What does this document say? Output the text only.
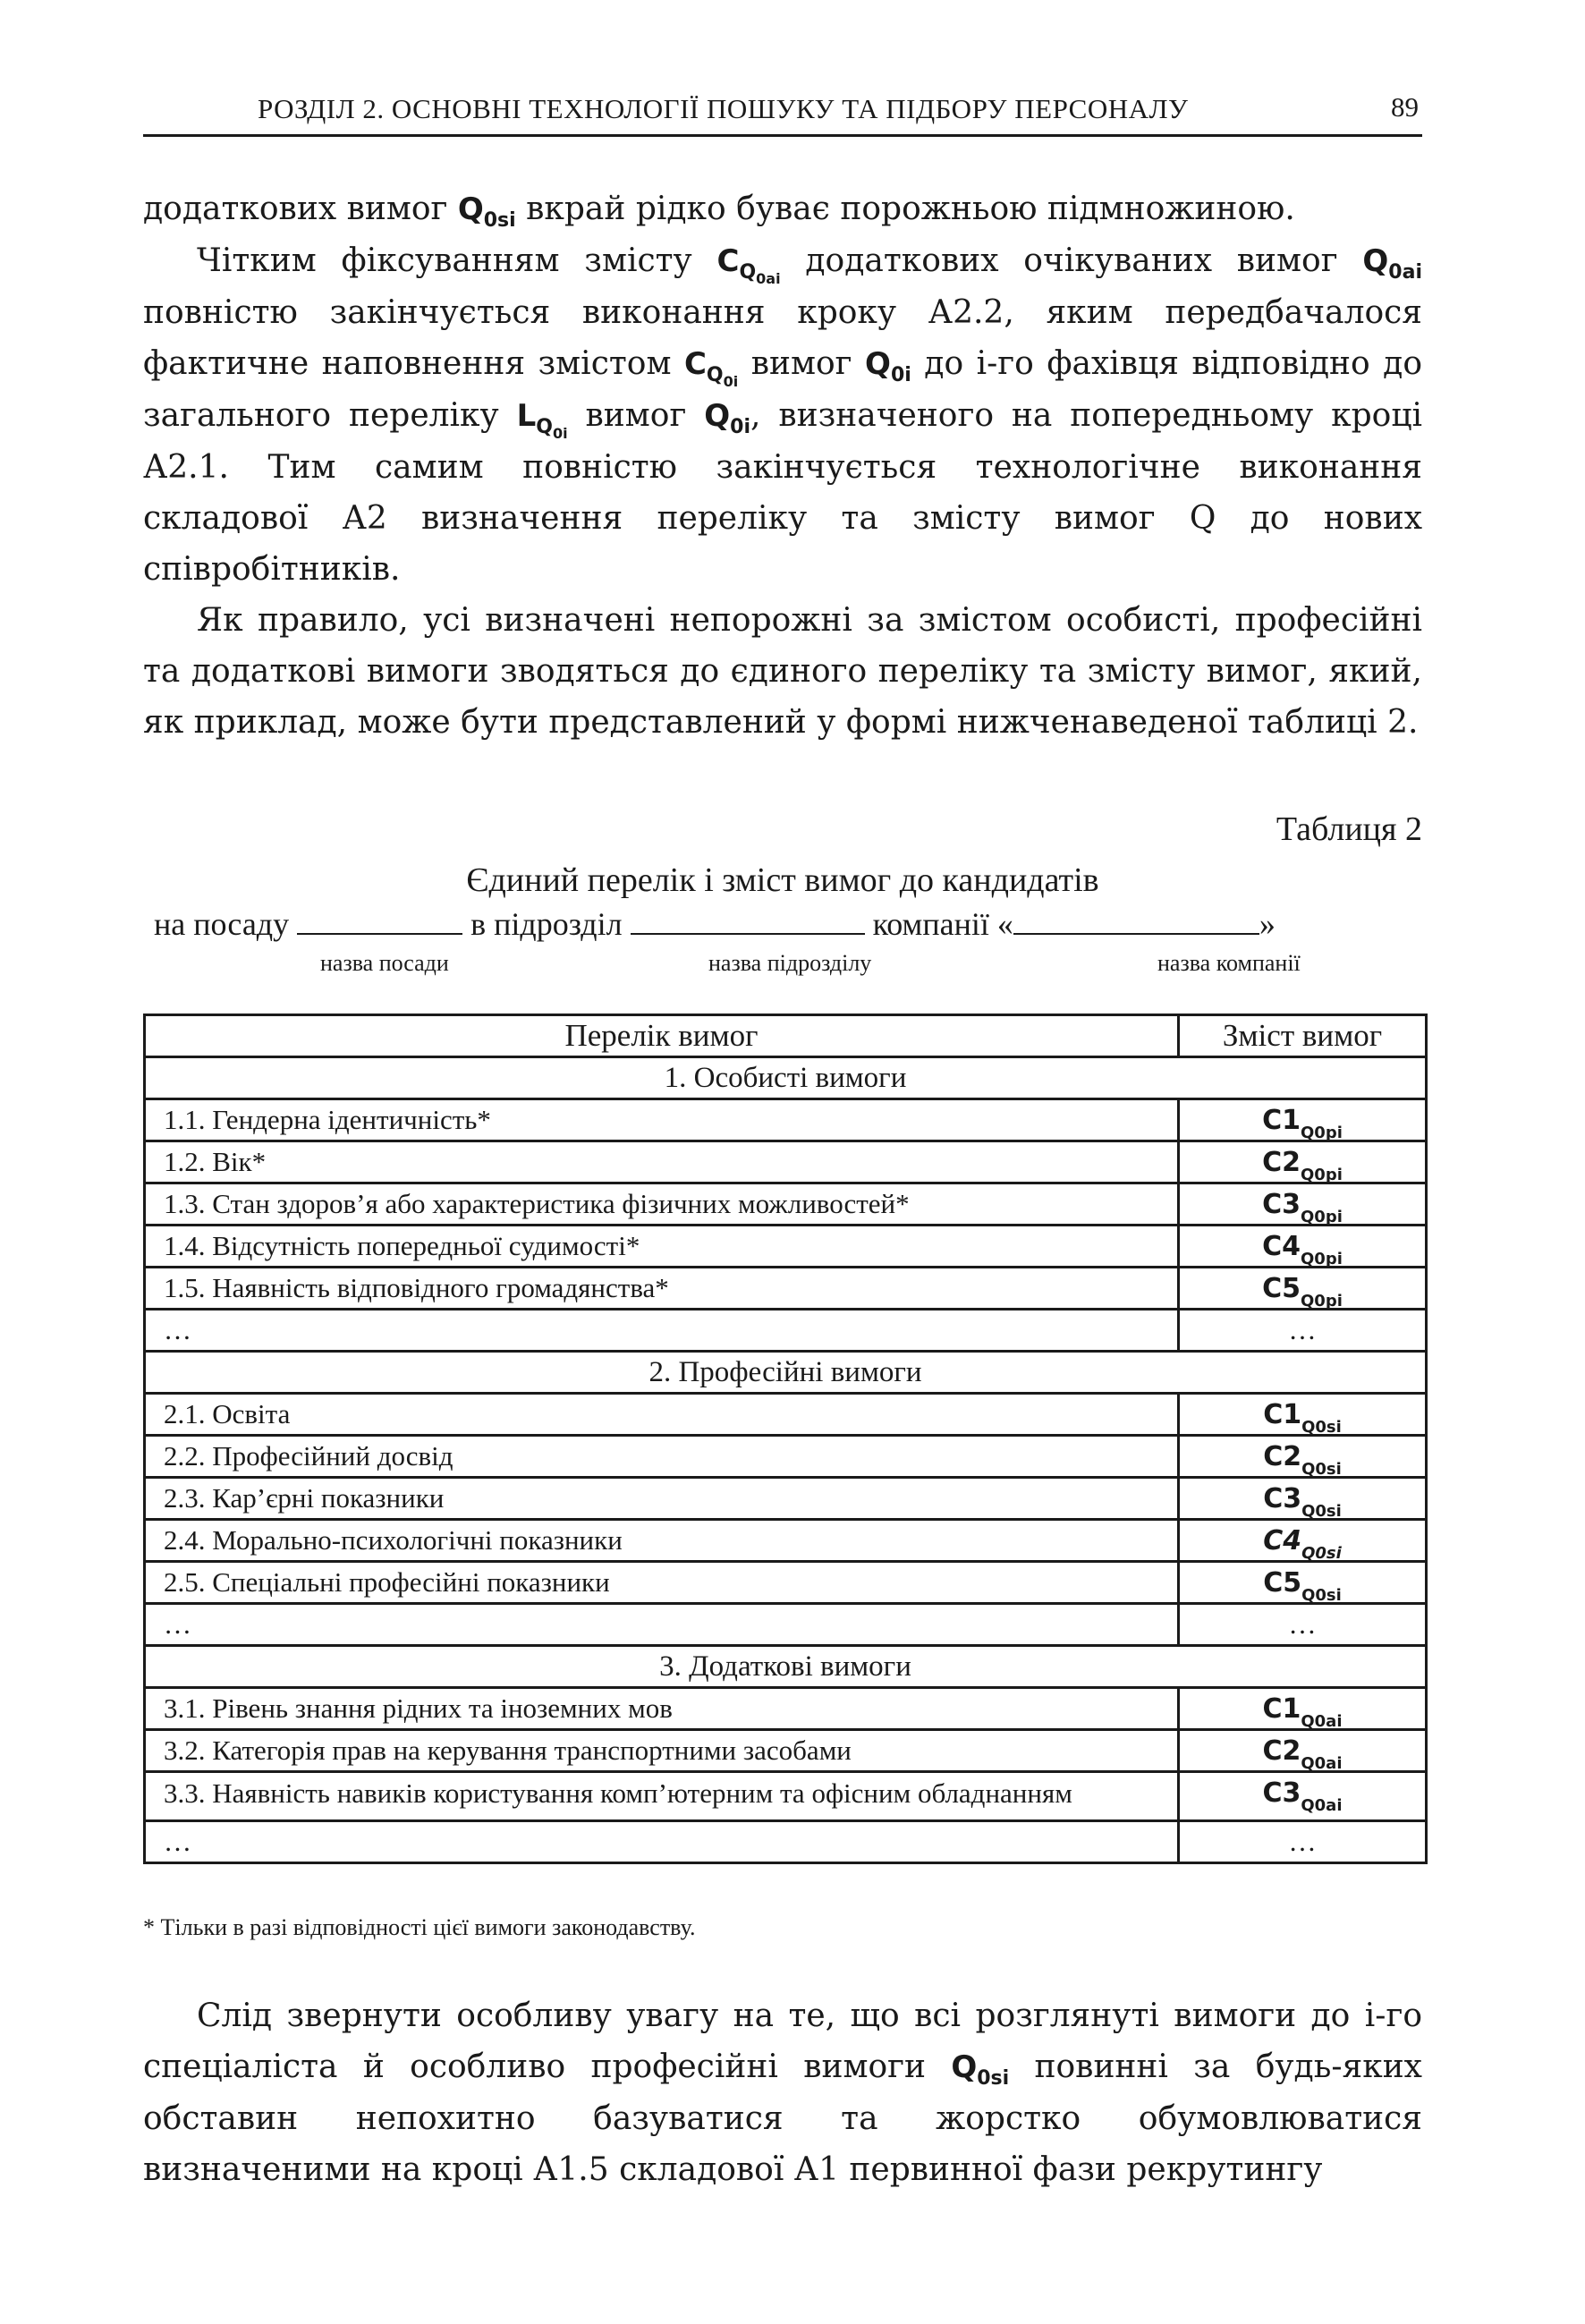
РОЗДІЛ 2. ОСНОВНІ ТЕХНОЛОГІЇ ПОШУКУ ТА ПІДБОРУ ПЕРСОНАЛУ	89

додаткових вимог $Q_{0si}$ вкрай рідко буває порожньою підмножиною.

Чітким фіксуванням змісту $C_{Q_{0ai}}$ додаткових очікуваних вимог $Q_{0ai}$ повністю закінчується виконання кроку А2.2, яким передбачалося фактичне наповнення змістом $C_{Q_{0i}}$ вимог $Q_{0i}$ до і-го фахівця відповідно до загального переліку $L_{Q_{0i}}$ вимог $Q_{0i}$, визначеного на попередньому кроці А2.1. Тим самим повністю закінчується технологічне виконання складової А2 визначення переліку та змісту вимог Q до нових співробітників.

Як правило, усі визначені непорожні за змістом особисті, професійні та додаткові вимоги зводяться до єдиного переліку та змісту вимог, який, як приклад, може бути представлений у формі нижченаведеної таблиці 2.

Таблиця 2
Єдиний перелік і зміст вимог до кандидатів
на посаду	в підрозділ	компанії «	»
назва посади	назва підрозділу	назва компанії
Перелік вимог	Зміст вимог
1. Особисті вимоги	
1.1. Гендерна ідентичність*	$C1_{Q0pi}$
1.2. Вік*	$C2_{Q0pi}$
1.3. Стан здоров’я або характеристика фізичних можливостей*	$C3_{Q0pi}$
1.4. Відсутність попередньої судимості*	$C4_{Q0pi}$
1.5. Наявність відповідного громадянства*	$C5_{Q0pi}$
…	…
2. Професійні вимоги	
2.1. Освіта	$C1_{Q0si}$
2.2. Професійний досвід	$C2_{Q0si}$
2.3. Кар’єрні показники	$C3_{Q0si}$
2.4. Морально-психологічні показники	$C4_{Q0si}$
2.5. Спеціальні професійні показники	$C5_{Q0si}$
…	…
3. Додаткові вимоги	
3.1. Рівень знання рідних та іноземних мов	$C1_{Q0ai}$
3.2. Категорія прав на керування транспортними засобами	$C2_{Q0ai}$
3.3. Наявність навиків користування комп’ютерним та офісним обладнанням	$C3_{Q0ai}$
…	…
* Тільки в разі відповідності цієї вимоги законодавству.

Слід звернути особливу увагу на те, що всі розглянуті вимоги до і-го спеціаліста й особливо професійні вимоги $Q_{0si}$ повинні за будь-яких обставин непохитно базуватися та жорстко обумовлюватися визначеними на кроці А1.5 складової А1 первинної фази рекрутингу
